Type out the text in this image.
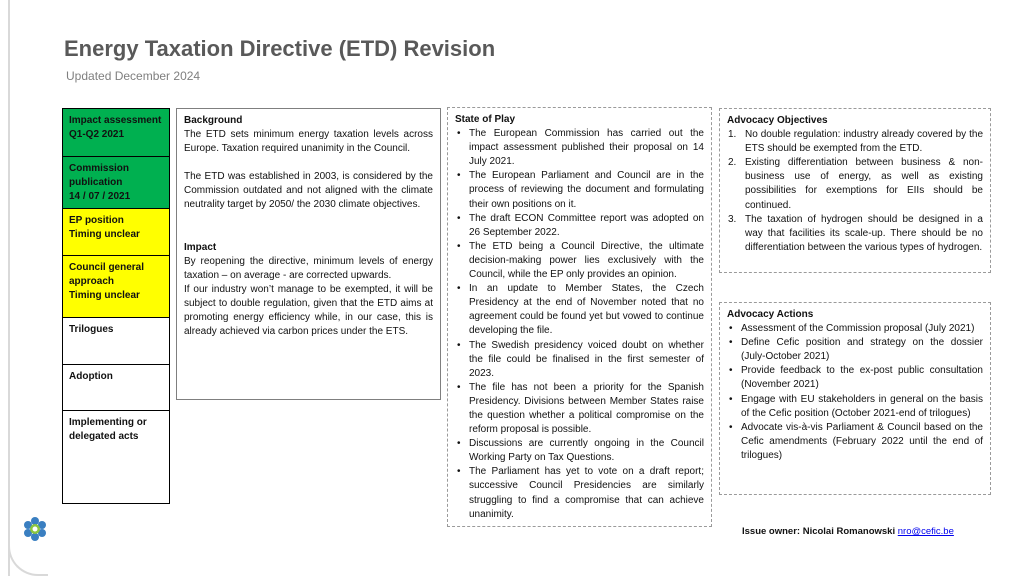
Energy Taxation Directive (ETD) Revision
Updated December 2024
Impact assessment
Q1-Q2 2021
Commission
publication
14 / 07 / 2021
EP position
Timing unclear
Council general
approach
Timing unclear
Trilogues
Adoption
Implementing or delegated acts
Background
The ETD sets minimum energy taxation levels across Europe. Taxation required unanimity in the Council.
The ETD was established in 2003, is considered by the Commission outdated and not aligned with the climate neutrality target by 2050/ the 2030 climate objectives.
Impact
By reopening the directive, minimum levels of energy taxation – on average - are corrected upwards.
If our industry won’t manage to be exempted, it will be subject to double regulation, given that the ETD aims at promoting energy efficiency while, in our case, this is already achieved via carbon prices under the ETS.
State of Play
• The European Commission has carried out the impact assessment published their proposal on 14 July 2021.
• The European Parliament and Council are in the process of reviewing the document and formulating their own positions on it.
• The draft ECON Committee report was adopted on 26 September 2022.
• The ETD being a Council Directive, the ultimate decision-making power lies exclusively with the Council, while the EP only provides an opinion.
• In an update to Member States, the Czech Presidency at the end of November noted that no agreement could be found yet but vowed to continue developing the file.
• The Swedish presidency voiced doubt on whether the file could be finalised in the first semester of 2023.
• The file has not been a priority for the Spanish Presidency. Divisions between Member States raise the question whether a political compromise on the reform proposal is possible.
• Discussions are currently ongoing in the Council Working Party on Tax Questions.
• The Parliament has yet to vote on a draft report; successive Council Presidencies are similarly struggling to find a compromise that can achieve unanimity.
Advocacy Objectives
1. No double regulation: industry already covered by the ETS should be exempted from the ETD.
2. Existing differentiation between business & non-business use of energy, as well as existing possibilities for exemptions for EIIs should be continued.
3. The taxation of hydrogen should be designed in a way that facilities its scale-up. There should be no differentiation between the various types of hydrogen.
Advocacy Actions
• Assessment of the Commission proposal (July 2021)
• Define Cefic position and strategy on the dossier (July-October 2021)
• Provide feedback to the ex-post public consultation (November 2021)
• Engage with EU stakeholders in general on the basis of the Cefic position (October 2021-end of trilogues)
• Advocate vis-à-vis Parliament & Council based on the Cefic amendments (February 2022 until the end of trilogues)
Issue owner: Nicolai Romanowski nro@cefic.be
